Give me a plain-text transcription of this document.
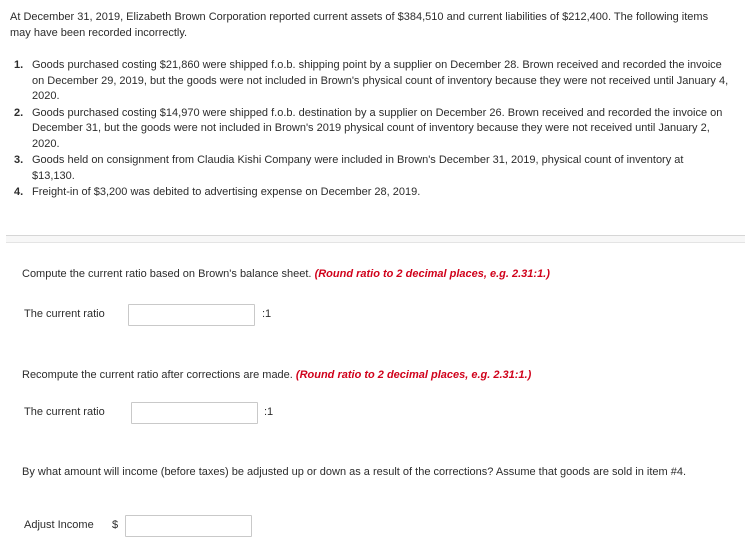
At December 31, 2019, Elizabeth Brown Corporation reported current assets of $384,510 and current liabilities of $212,400. The following items may have been recorded incorrectly.
1. Goods purchased costing $21,860 were shipped f.o.b. shipping point by a supplier on December 28. Brown received and recorded the invoice on December 29, 2019, but the goods were not included in Brown's physical count of inventory because they were not received until January 4, 2020.
2. Goods purchased costing $14,970 were shipped f.o.b. destination by a supplier on December 26. Brown received and recorded the invoice on December 31, but the goods were not included in Brown's 2019 physical count of inventory because they were not received until January 2, 2020.
3. Goods held on consignment from Claudia Kishi Company were included in Brown's December 31, 2019, physical count of inventory at $13,130.
4. Freight-in of $3,200 was debited to advertising expense on December 28, 2019.
Compute the current ratio based on Brown's balance sheet. (Round ratio to 2 decimal places, e.g. 2.31:1.)
The current ratio	:1
Recompute the current ratio after corrections are made. (Round ratio to 2 decimal places, e.g. 2.31:1.)
The current ratio	:1
By what amount will income (before taxes) be adjusted up or down as a result of the corrections? Assume that goods are sold in item #4.
Adjust Income $
